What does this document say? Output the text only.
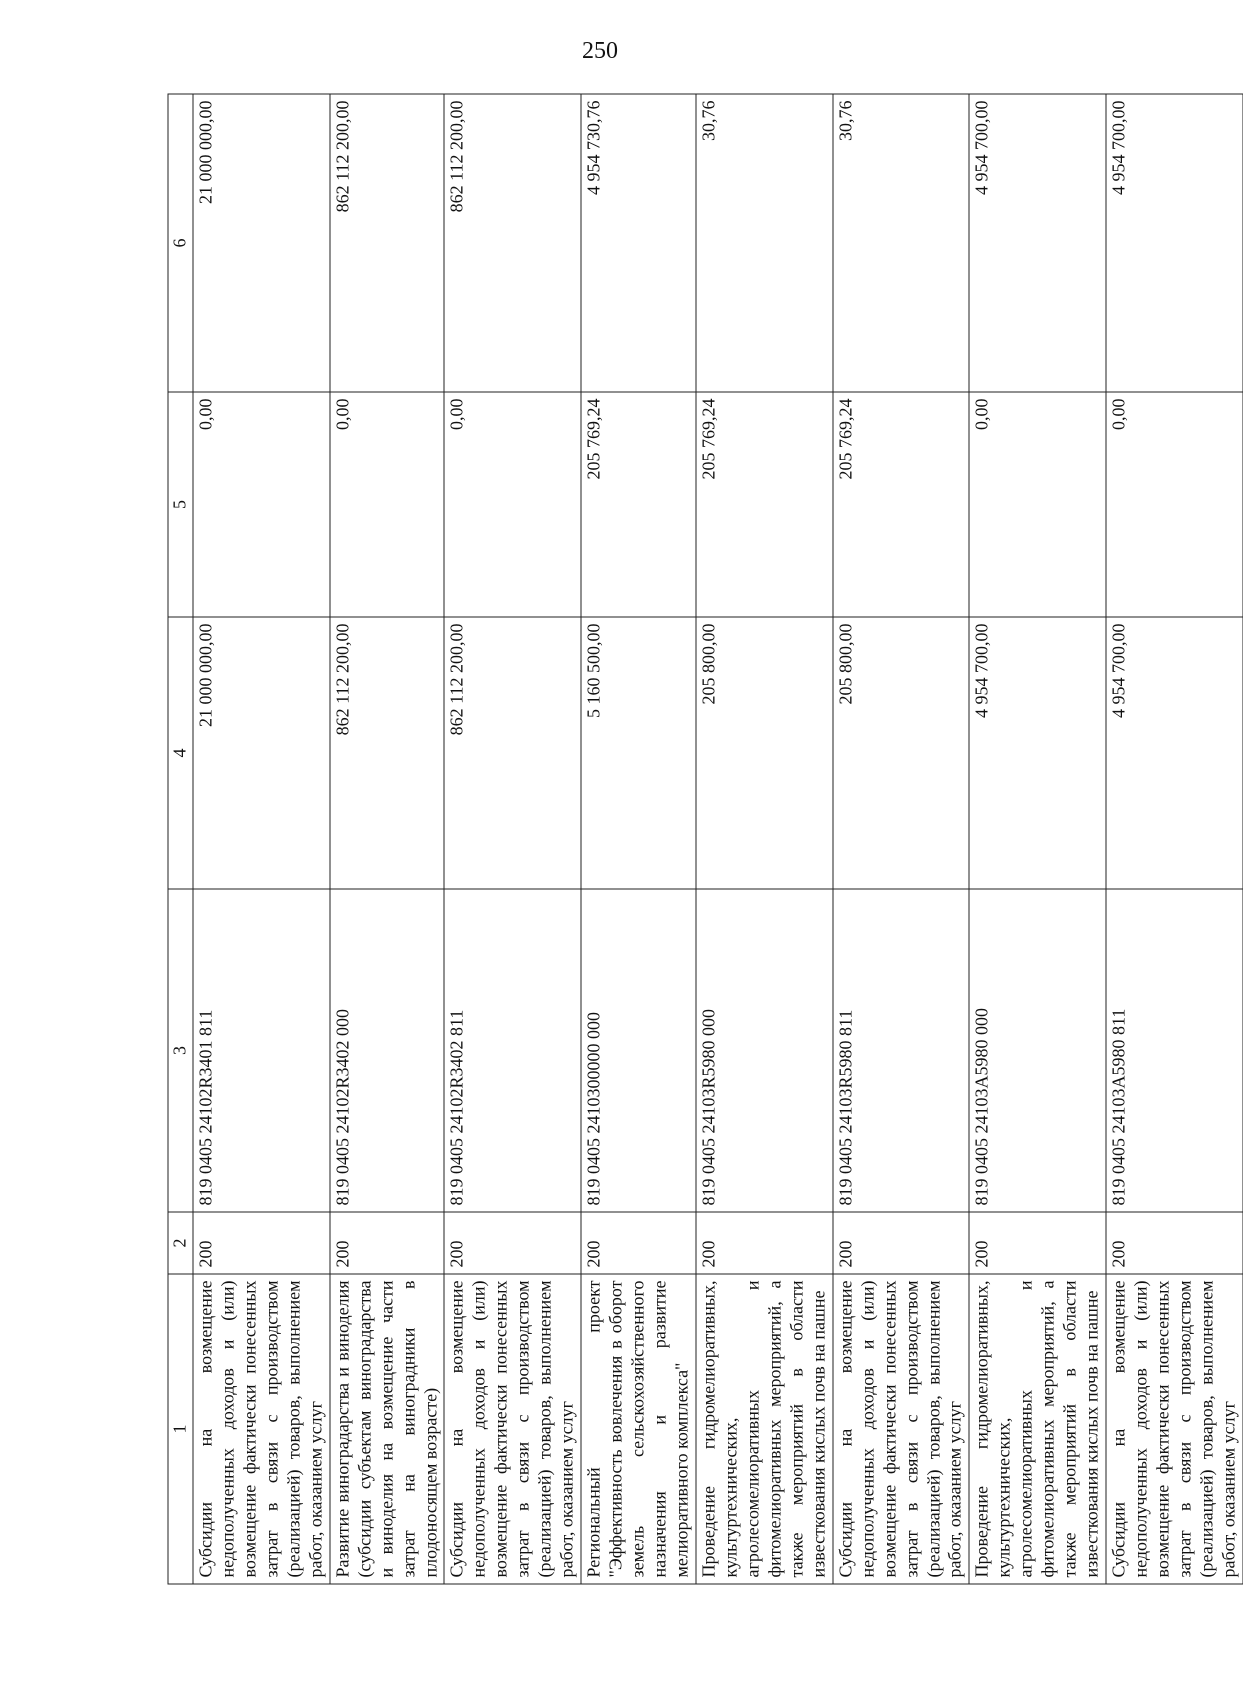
250
1	2	3	4	5	6
Субсидии на возмещение недополученных доходов и (или) возмещение фактически понесенных затрат в связи с производством (реализацией) товаров, выполнением работ, оказанием услуг	200	819 0405 24102R3401 811	21 000 000,00	0,00	21 000 000,00
Развитие виноградарства и виноделия (субсидии субъектам виноградарства и виноделия на возмещение части затрат на виноградники в плодоносящем возрасте)	200	819 0405 24102R3402 000	862 112 200,00	0,00	862 112 200,00
Субсидии на возмещение недополученных доходов и (или) возмещение фактически понесенных затрат в связи с производством (реализацией) товаров, выполнением работ, оказанием услуг	200	819 0405 24102R3402 811	862 112 200,00	0,00	862 112 200,00
Региональный проект "Эффективность вовлечения в оборот земель сельскохозяйственного назначения и развитие мелиоративного комплекса"	200	819 0405 2410300000 000	5 160 500,00	205 769,24	4 954 730,76
Проведение гидромелиоративных, культуртехнических, агролесомелиоративных и фитомелиоративных мероприятий, а также мероприятий в области известкования кислых почв на пашне	200	819 0405 24103R5980 000	205 800,00	205 769,24	30,76
Субсидии на возмещение недополученных доходов и (или) возмещение фактически понесенных затрат в связи с производством (реализацией) товаров, выполнением работ, оказанием услуг	200	819 0405 24103R5980 811	205 800,00	205 769,24	30,76
Проведение гидромелиоративных, культуртехнических, агролесомелиоративных и фитомелиоративных мероприятий, а также мероприятий в области известкования кислых почв на пашне	200	819 0405 24103A5980 000	4 954 700,00	0,00	4 954 700,00
Субсидии на возмещение недополученных доходов и (или) возмещение фактически понесенных затрат в связи с производством (реализацией) товаров, выполнением работ, оказанием услуг	200	819 0405 24103A5980 811	4 954 700,00	0,00	4 954 700,00
